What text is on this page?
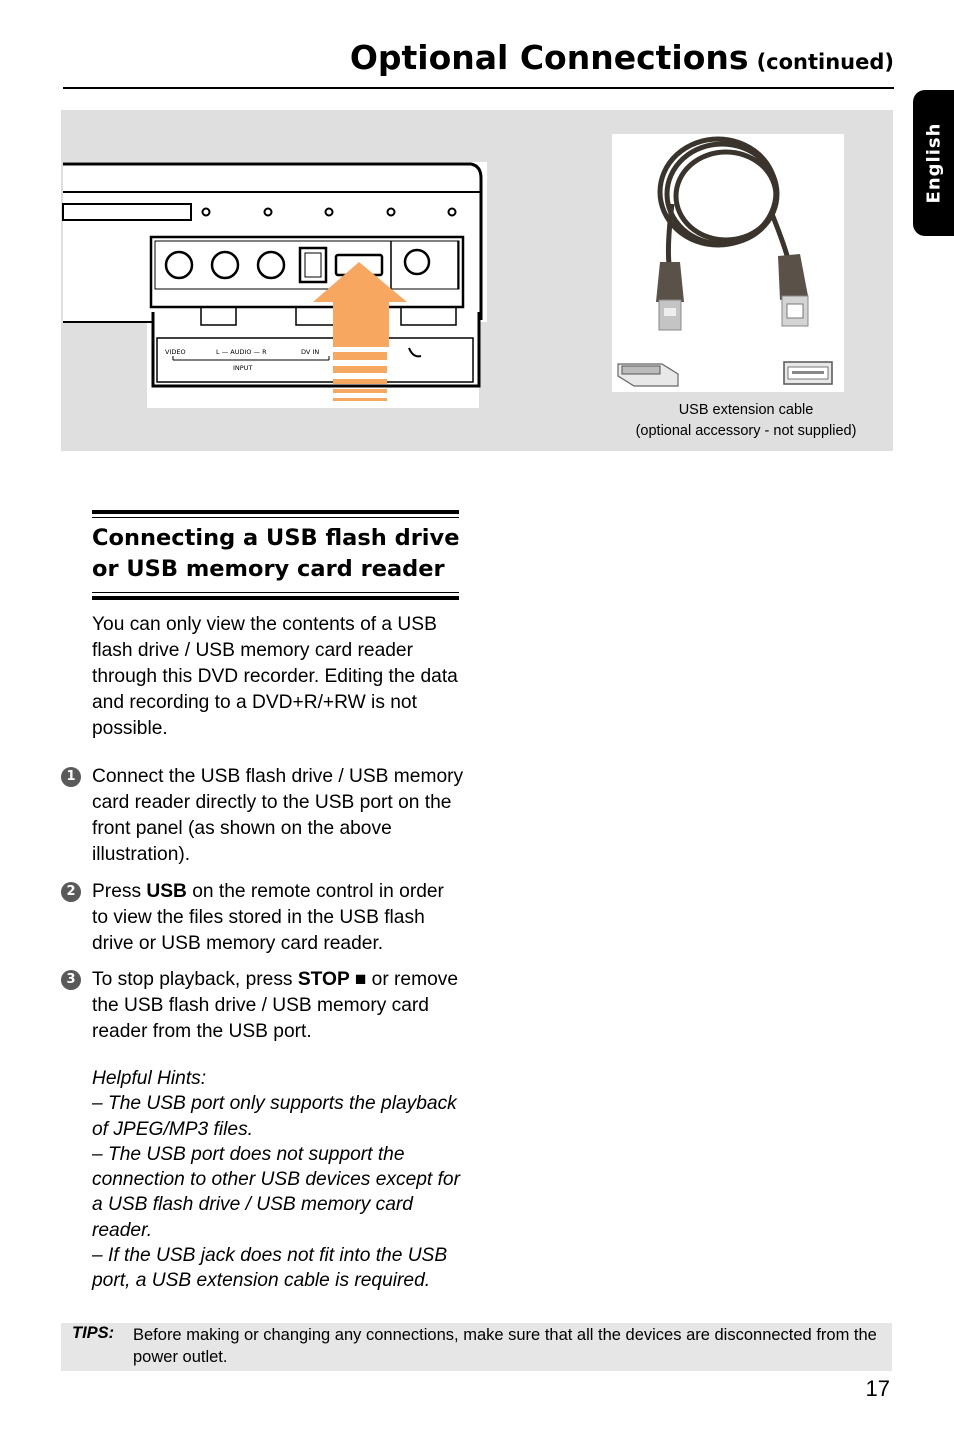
Optional Connections (continued)
English
VIDEO	L — AUDIO — R	DV IN
INPUT
USB extension cable
(optional accessory - not supplied)
Connecting a USB flash drive
or USB memory card reader
You can only view the contents of a USB flash drive / USB memory card reader through this DVD recorder. Editing the data and recording to a DVD+R/+RW is not possible.
1 Connect the USB flash drive / USB memory card reader directly to the USB port on the front panel (as shown on the above illustration).
2 Press USB on the remote control in order to view the files stored in the USB flash drive or USB memory card reader.
3 To stop playback, press STOP ■ or remove the USB flash drive / USB memory card reader from the USB port.
Helpful Hints:
– The USB port only supports the playback of JPEG/MP3 files.
– The USB port does not support the connection to other USB devices except for a USB flash drive / USB memory card reader.
– If the USB jack does not fit into the USB port, a USB extension cable is required.
TIPS: Before making or changing any connections, make sure that all the devices are disconnected from the power outlet.
17
